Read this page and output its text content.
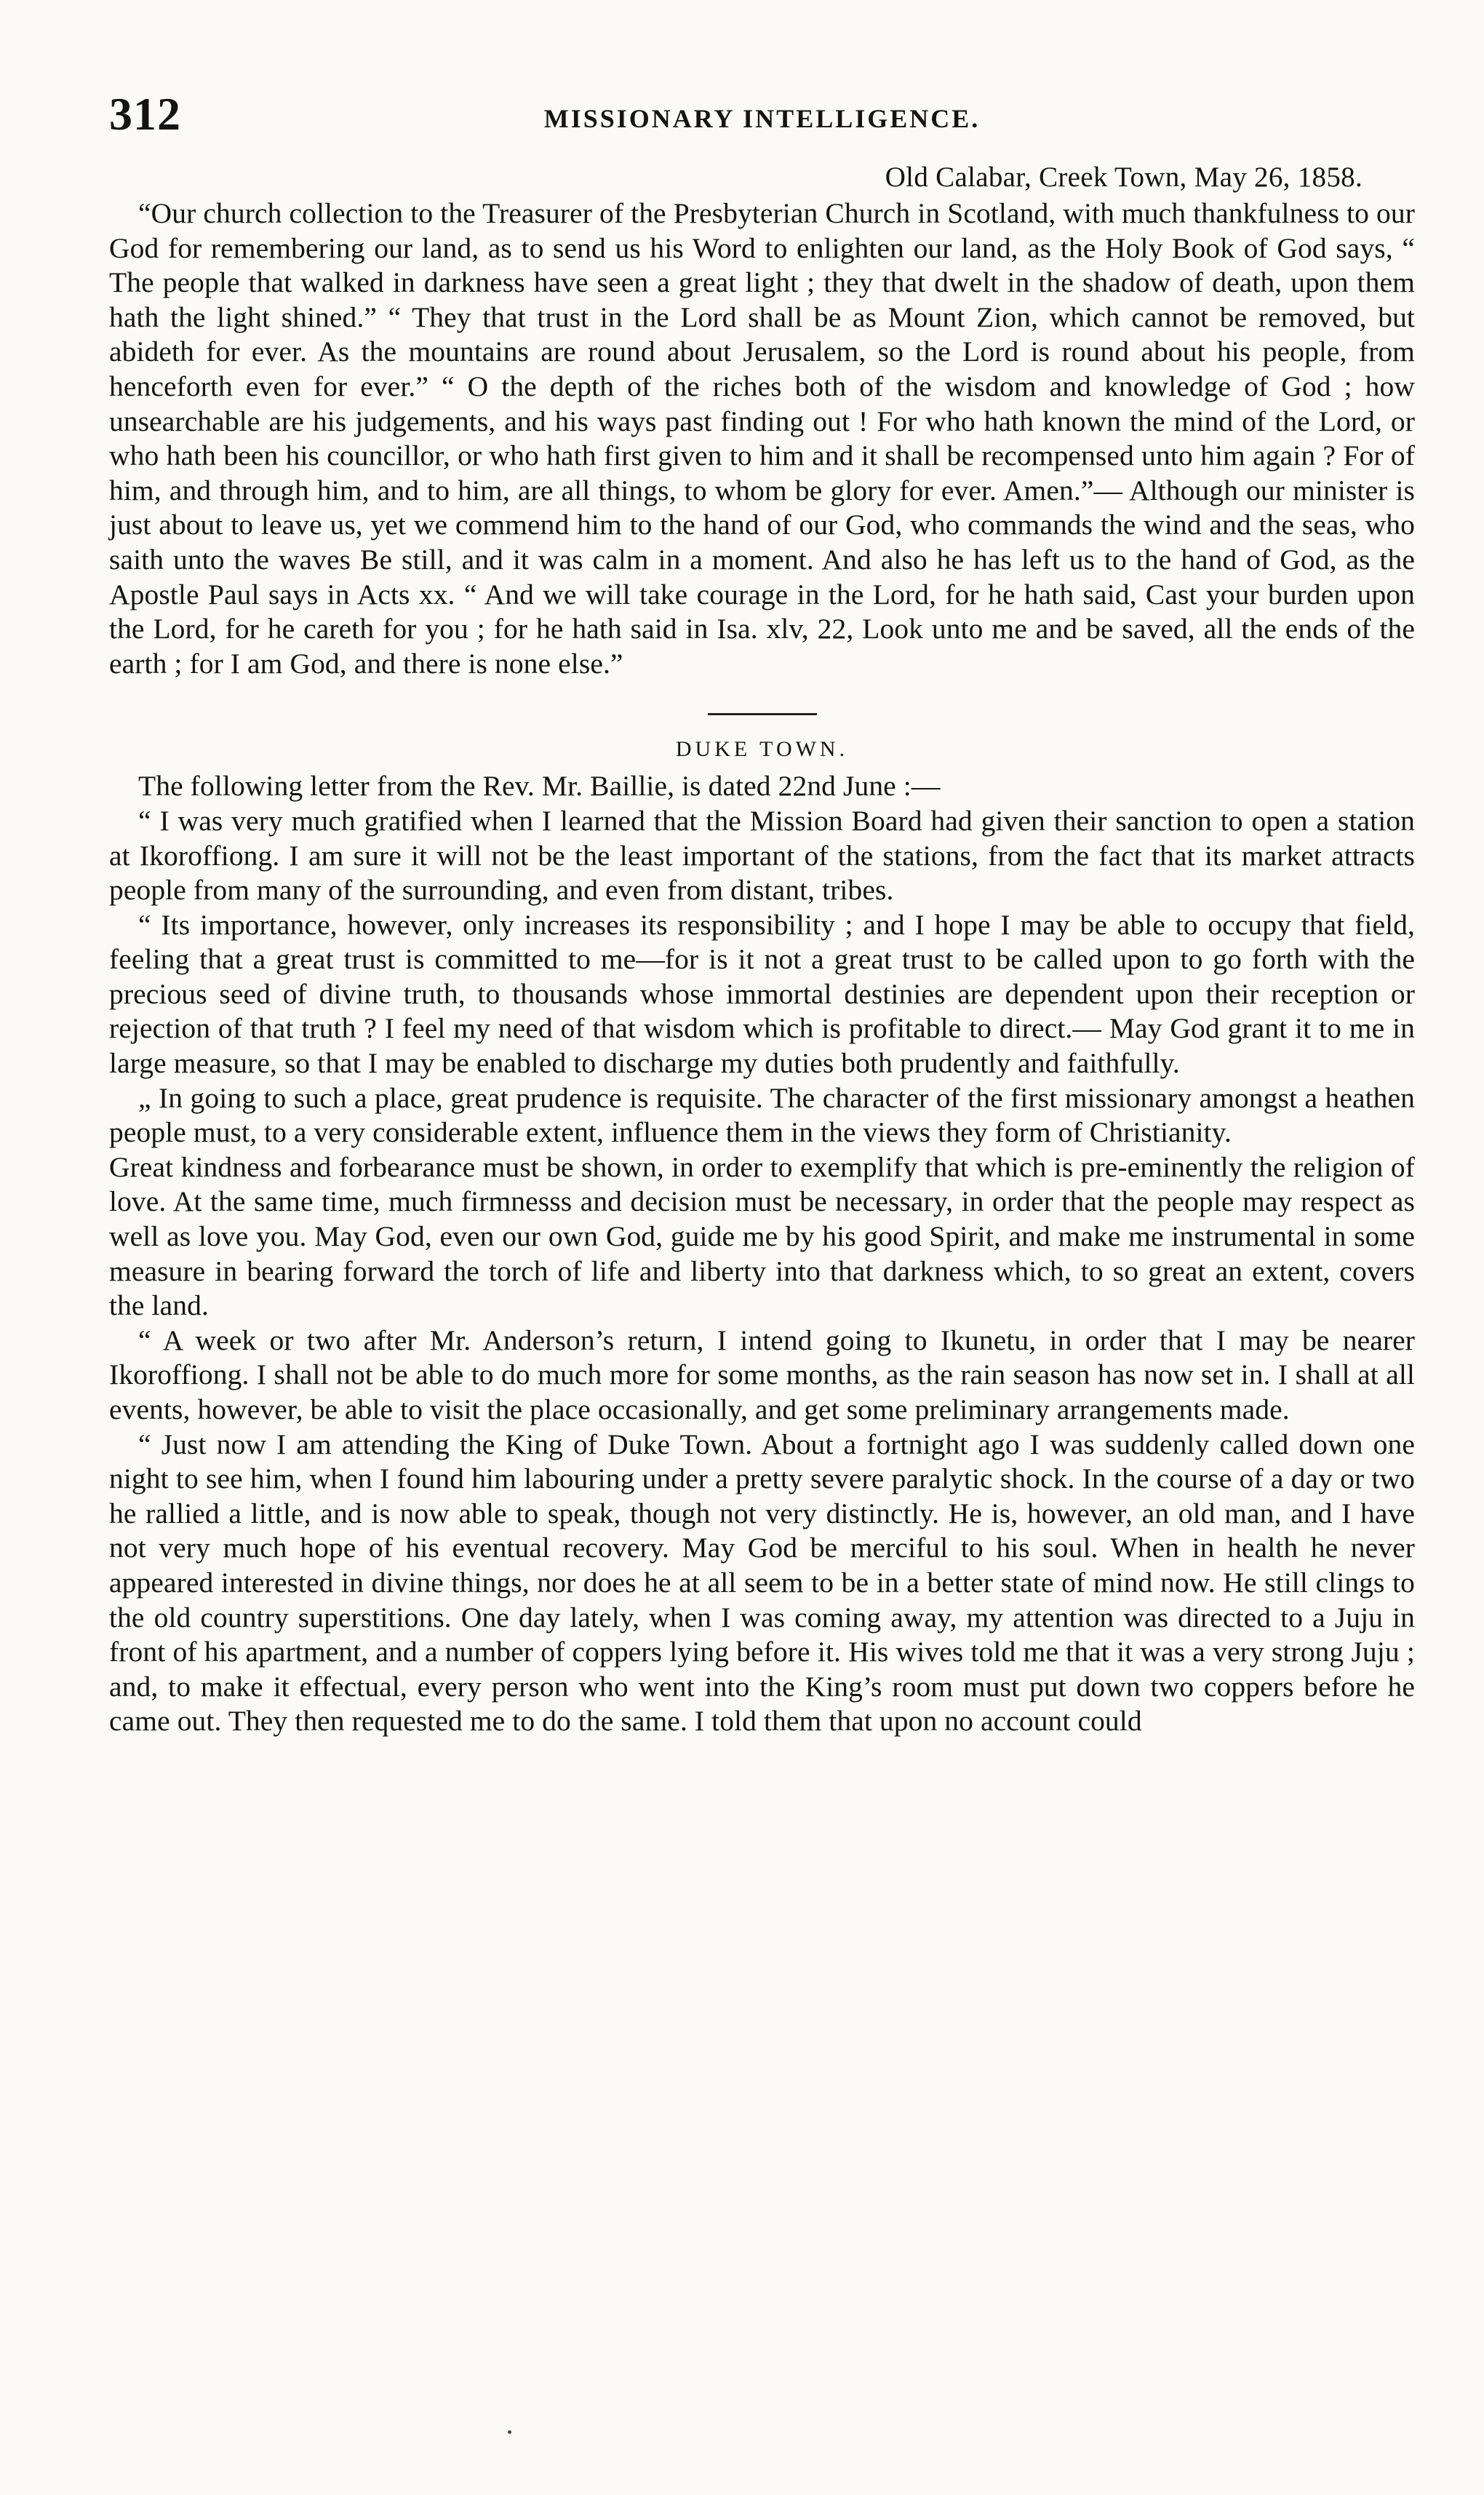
312	MISSIONARY INTELLIGENCE.
Old Calabar, Creek Town, May 26, 1858.

“Our church collection to the Treasurer of the Presbyterian Church in Scotland, with much thankfulness to our God for remembering our land, as to send us his Word to enlighten our land, as the Holy Book of God says, “ The people that walked in darkness have seen a great light ; they that dwelt in the shadow of death, upon them hath the light shined.” “ They that trust in the Lord shall be as Mount Zion, which cannot be removed, but abideth for ever. As the mountains are round about Jerusalem, so the Lord is round about his people, from henceforth even for ever.” “ O the depth of the riches both of the wisdom and knowledge of God ; how unsearchable are his judgements, and his ways past finding out ! For who hath known the mind of the Lord, or who hath been his councillor, or who hath first given to him and it shall be recompensed unto him again ? For of him, and through him, and to him, are all things, to whom be glory for ever. Amen.”— Although our minister is just about to leave us, yet we commend him to the hand of our God, who commands the wind and the seas, who saith unto the waves Be still, and it was calm in a moment. And also he has left us to the hand of God, as the Apostle Paul says in Acts xx. “ And we will take courage in the Lord, for he hath said, Cast your burden upon the Lord, for he careth for you ; for he hath said in Isa. xlv, 22, Look unto me and be saved, all the ends of the earth ; for I am God, and there is none else.”

DUKE TOWN.

The following letter from the Rev. Mr. Baillie, is dated 22nd June :—

“ I was very much gratified when I learned that the Mission Board had given their sanction to open a station at Ikoroffiong. I am sure it will not be the least important of the stations, from the fact that its market attracts people from many of the surrounding, and even from distant, tribes.

“ Its importance, however, only increases its responsibility ; and I hope I may be able to occupy that field, feeling that a great trust is committed to me—for is it not a great trust to be called upon to go forth with the precious seed of divine truth, to thousands whose immortal destinies are dependent upon their reception or rejection of that truth ? I feel my need of that wisdom which is profitable to direct.— May God grant it to me in large measure, so that I may be enabled to discharge my duties both prudently and faithfully.

„ In going to such a place, great prudence is requisite. The character of the first missionary amongst a heathen people must, to a very considerable extent, influence them in the views they form of Christianity.

Great kindness and forbearance must be shown, in order to exemplify that which is pre-eminently the religion of love. At the same time, much firmnesss and decision must be necessary, in order that the people may respect as well as love you. May God, even our own God, guide me by his good Spirit, and make me instrumental in some measure in bearing forward the torch of life and liberty into that darkness which, to so great an extent, covers the land.

“ A week or two after Mr. Anderson’s return, I intend going to Ikunetu, in order that I may be nearer Ikoroffiong. I shall not be able to do much more for some months, as the rain season has now set in. I shall at all events, however, be able to visit the place occasionally, and get some preliminary arrangements made.

“ Just now I am attending the King of Duke Town. About a fortnight ago I was suddenly called down one night to see him, when I found him labouring under a pretty severe paralytic shock. In the course of a day or two he rallied a little, and is now able to speak, though not very distinctly. He is, however, an old man, and I have not very much hope of his eventual recovery. May God be merciful to his soul. When in health he never appeared interested in divine things, nor does he at all seem to be in a better state of mind now. He still clings to the old country superstitions. One day lately, when I was coming away, my attention was directed to a Juju in front of his apartment, and a number of coppers lying before it. His wives told me that it was a very strong Juju ; and, to make it effectual, every person who went into the King’s room must put down two coppers before he came out. They then requested me to do the same. I told them that upon no account could
